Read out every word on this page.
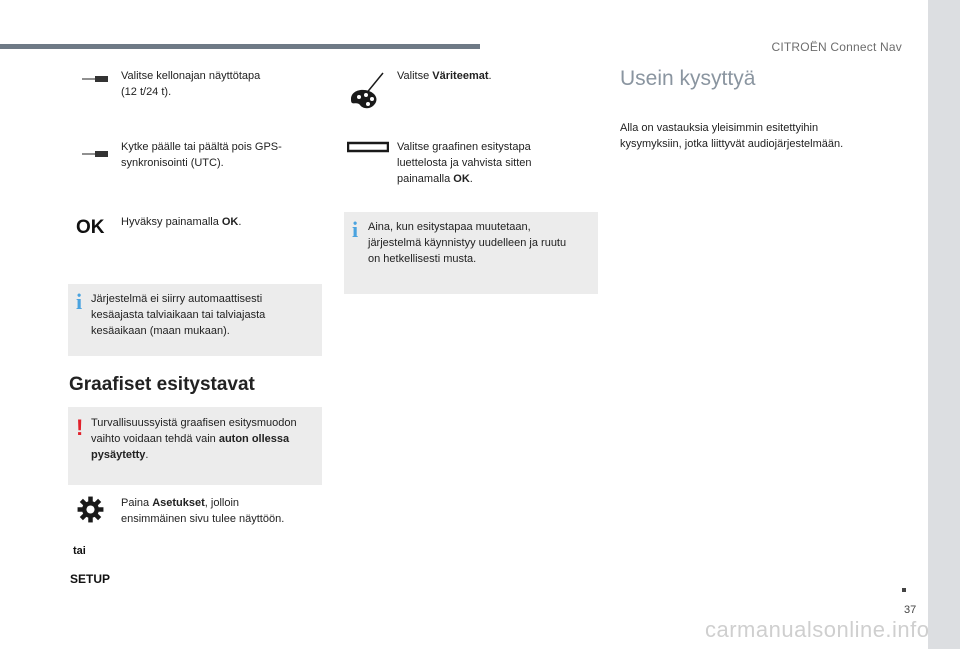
CITROËN Connect Nav
Valitse kellonajan näyttötapa
(12 t/24 t).
Kytke päälle tai päältä pois GPS-
synkronisointi (UTC).
OK Hyväksy painamalla OK.
i Järjestelmä ei siirry automaattisesti
kesäajasta talviaikaan tai talviajasta
kesäaikaan (maan mukaan).
Graafiset esitystavat
! Turvallisuussyistä graafisen esitysmuodon
vaihto voidaan tehdä vain auton ollessa
pysäytetty.
Paina Asetukset, jolloin
ensimmäinen sivu tulee näyttöön.
tai
SETUP
Valitse Väriteemat.
Valitse graafinen esitystapa
luettelosta ja vahvista sitten
painamalla OK.
i Aina, kun esitystapaa muutetaan,
järjestelmä käynnistyy uudelleen ja ruutu
on hetkellisesti musta.
Usein kysyttyä
Alla on vastauksia yleisimmin esitettyihin
kysymyksiin, jotka liittyvät audiojärjestelmään.
37
carmanualsonline.info
